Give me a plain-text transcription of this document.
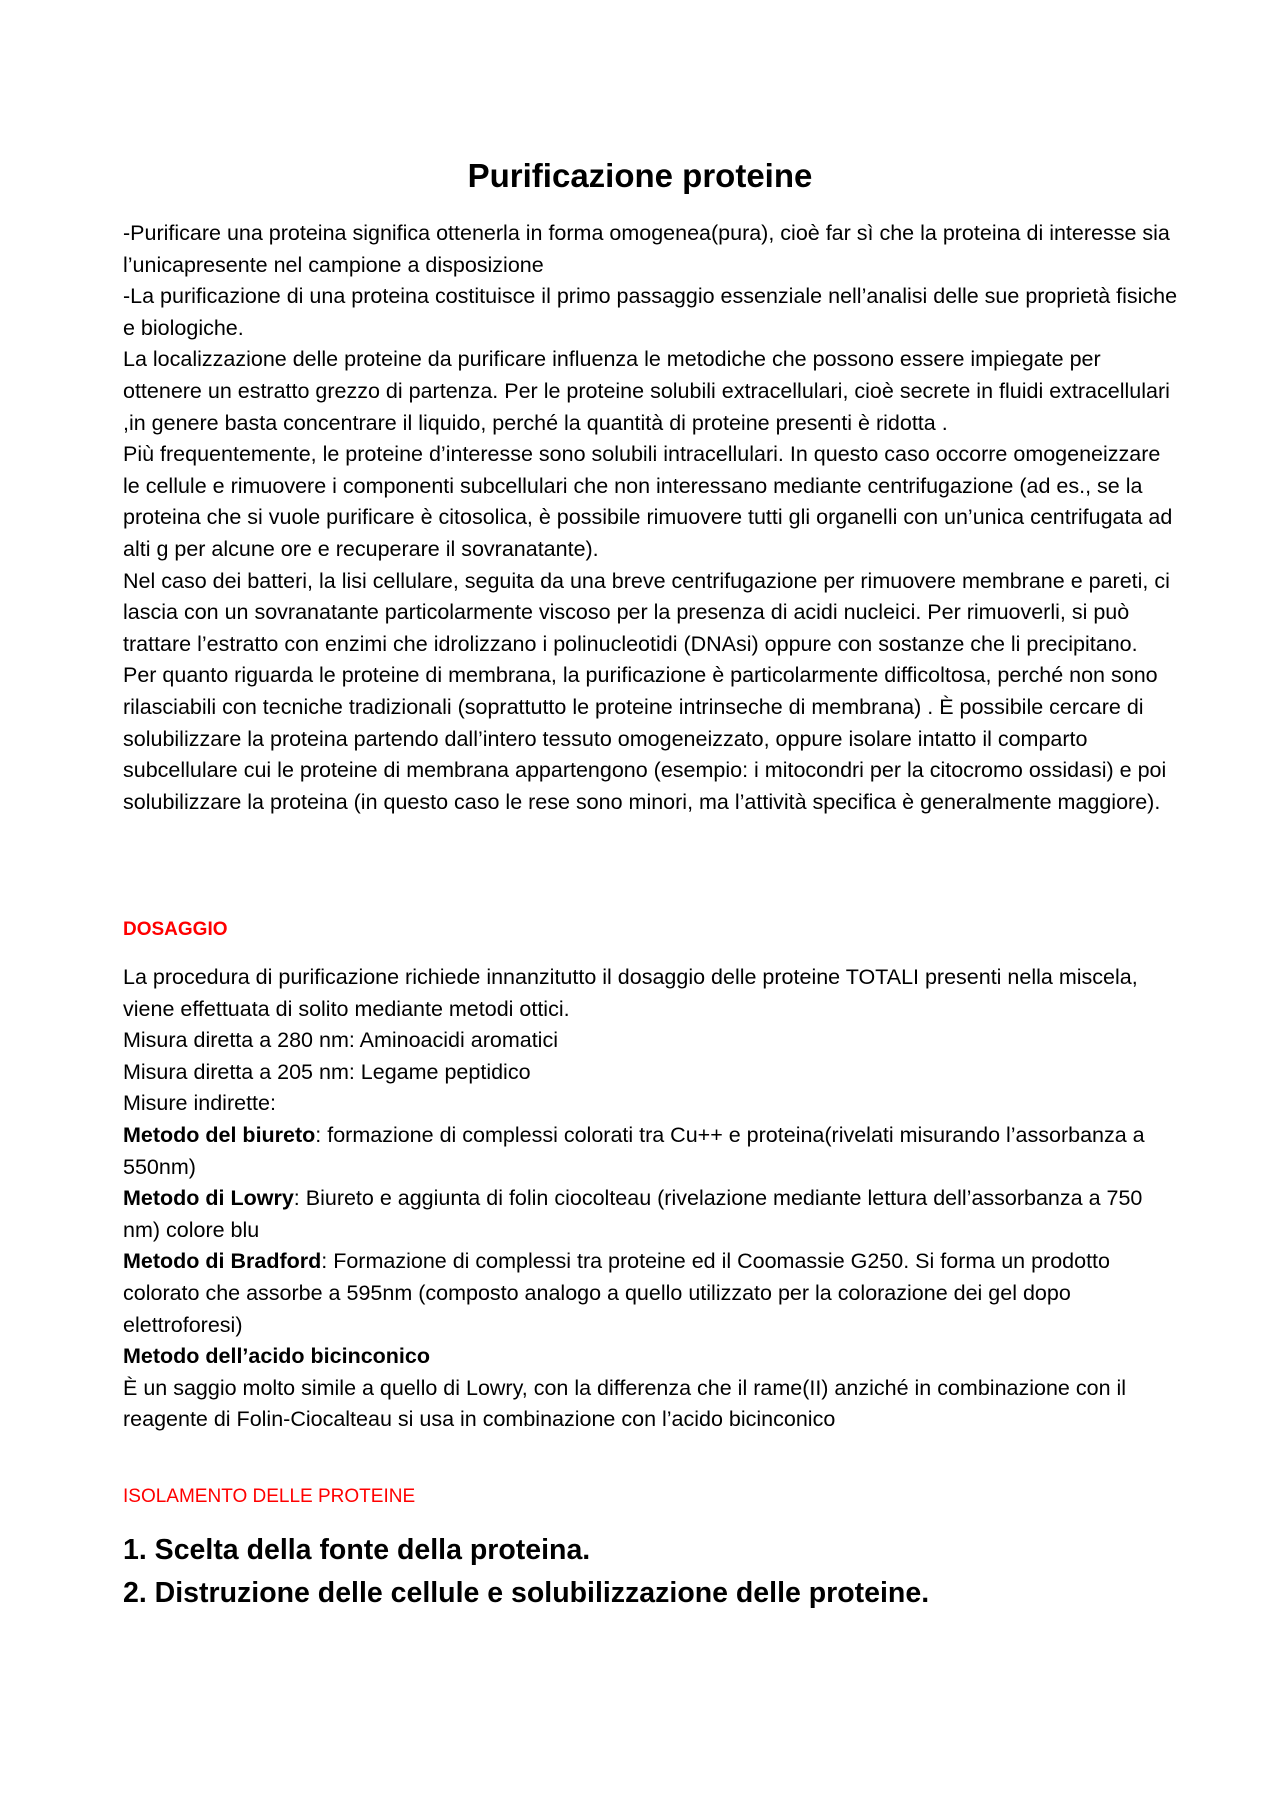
Purificazione proteine

-Purificare una proteina significa ottenerla in forma omogenea(pura), cioè far sì che la proteina di interesse sia l’unicapresente nel campione a disposizione

-La purificazione di una proteina costituisce il primo passaggio essenziale nell’analisi delle sue proprietà fisiche e biologiche.

La localizzazione delle proteine da purificare influenza le metodiche che possono essere impiegate per ottenere un estratto grezzo di partenza. Per le proteine solubili extracellulari, cioè secrete in fluidi extracellulari ,in genere basta concentrare il liquido, perché la quantità di proteine presenti è ridotta .

Più frequentemente, le proteine d’interesse sono solubili intracellulari. In questo caso occorre omogeneizzare le cellule e rimuovere i componenti subcellulari che non interessano mediante centrifugazione (ad es., se la proteina che si vuole purificare è citosolica, è possibile rimuovere tutti gli organelli con un’unica centrifugata ad alti g per alcune ore e recuperare il sovranatante).

Nel caso dei batteri, la lisi cellulare, seguita da una breve centrifugazione per rimuovere membrane e pareti, ci lascia con un sovranatante particolarmente viscoso per la presenza di acidi nucleici. Per rimuoverli, si può trattare l’estratto con enzimi che idrolizzano i polinucleotidi (DNAsi) oppure con sostanze che li precipitano.

Per quanto riguarda le proteine di membrana, la purificazione è particolarmente difficoltosa, perché non sono rilasciabili con tecniche tradizionali (soprattutto le proteine intrinseche di membrana) . È possibile cercare di solubilizzare la proteina partendo dall’intero tessuto omogeneizzato, oppure isolare intatto il comparto subcellulare cui le proteine di membrana appartengono (esempio: i mitocondri per la citocromo ossidasi) e poi solubilizzare la proteina (in questo caso le rese sono minori, ma l’attività specifica è generalmente maggiore).

DOSAGGIO

La procedura di purificazione richiede innanzitutto il dosaggio delle proteine TOTALI presenti nella miscela, viene effettuata di solito mediante metodi ottici.

Misura diretta a 280 nm: Aminoacidi aromatici

Misura diretta a 205 nm: Legame peptidico

Misure indirette:

Metodo del biureto: formazione di complessi colorati tra Cu++ e proteina(rivelati misurando l’assorbanza a 550nm)

Metodo di Lowry: Biureto e aggiunta di folin ciocolteau (rivelazione mediante lettura dell’assorbanza a 750 nm) colore blu

Metodo di Bradford: Formazione di complessi tra proteine ed il Coomassie G250. Si forma un prodotto colorato che assorbe a 595nm (composto analogo a quello utilizzato per la colorazione dei gel dopo elettroforesi)

Metodo dell’acido bicinconico

È un saggio molto simile a quello di Lowry, con la differenza che il rame(II) anziché in combinazione con il reagente di Folin-Ciocalteau si usa in combinazione con l’acido bicinconico

ISOLAMENTO DELLE PROTEINE

1. Scelta della fonte della proteina.

2. Distruzione delle cellule e solubilizzazione delle proteine.
